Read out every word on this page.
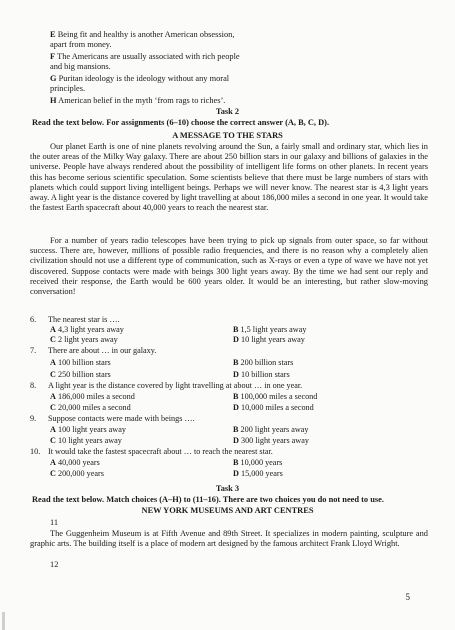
E Being fit and healthy is another American obsession,
apart from money.
F The Americans are usually associated with rich people
and big mansions.
G Puritan ideology is the ideology without any moral
principles.
H American belief in the myth ‘from rags to riches’.
Task 2
Read the text below. For assignments (6–10) choose the correct answer (A, B, C, D).
A MESSAGE TO THE STARS
Our planet Earth is one of nine planets revolving around the Sun, a fairly small and ordinary star, which lies in the outer areas of the Milky Way galaxy. There are about 250 billion stars in our galaxy and billions of galaxies in the universe. People have always rendered about the possibility of intelligent life forms on other planets. In recent years this has become serious scientific speculation. Some scientists believe that there must be large numbers of stars with planets which could support living intelligent beings. Perhaps we will never know. The nearest star is 4,3 light years away. A light year is the distance covered by light travelling at about 186,000 miles a second in one year. It would take the fastest Earth spacecraft about 40,000 years to reach the nearest star.
For a number of years radio telescopes have been trying to pick up signals from outer space, so far without success. There are, however, millions of possible radio frequencies, and there is no reason why a completely alien civilization should not use a different type of communication, such as X-rays or even a type of wave we have not yet discovered. Suppose contacts were made with beings 300 light years away. By the time we had sent our reply and received their response, the Earth would be 600 years older. It would be an interesting, but rather slow-moving conversation!
6. The nearest star is ….
A 4,3 light years away	B 1,5 light years away
C 2 light years away	D 10 light years away
7. There are about … in our galaxy.
A 100 billion stars	B 200 billion stars
C 250 billion stars	D 10 billion stars
8. A light year is the distance covered by light travelling at about … in one year.
A 186,000 miles a second	B 100,000 miles a second
C 20,000 miles a second	D 10,000 miles a second
9. Suppose contacts were made with beings ….
A 100 light years away	B 200 light years away
C 10 light years away	D 300 light years away
10. It would take the fastest spacecraft about … to reach the nearest star.
A 40,000 years	B 10,000 years
C 200,000 years	D 15,000 years
Task 3
Read the text below. Match choices (A–H) to (11–16). There are two choices you do not need to use.
NEW YORK MUSEUMS AND ART CENTRES
11
The Guggenheim Museum is at Fifth Avenue and 89th Street. It specializes in modern painting, sculpture and graphic arts. The building itself is a place of modern art designed by the famous architect Frank Lloyd Wright.
12
5
